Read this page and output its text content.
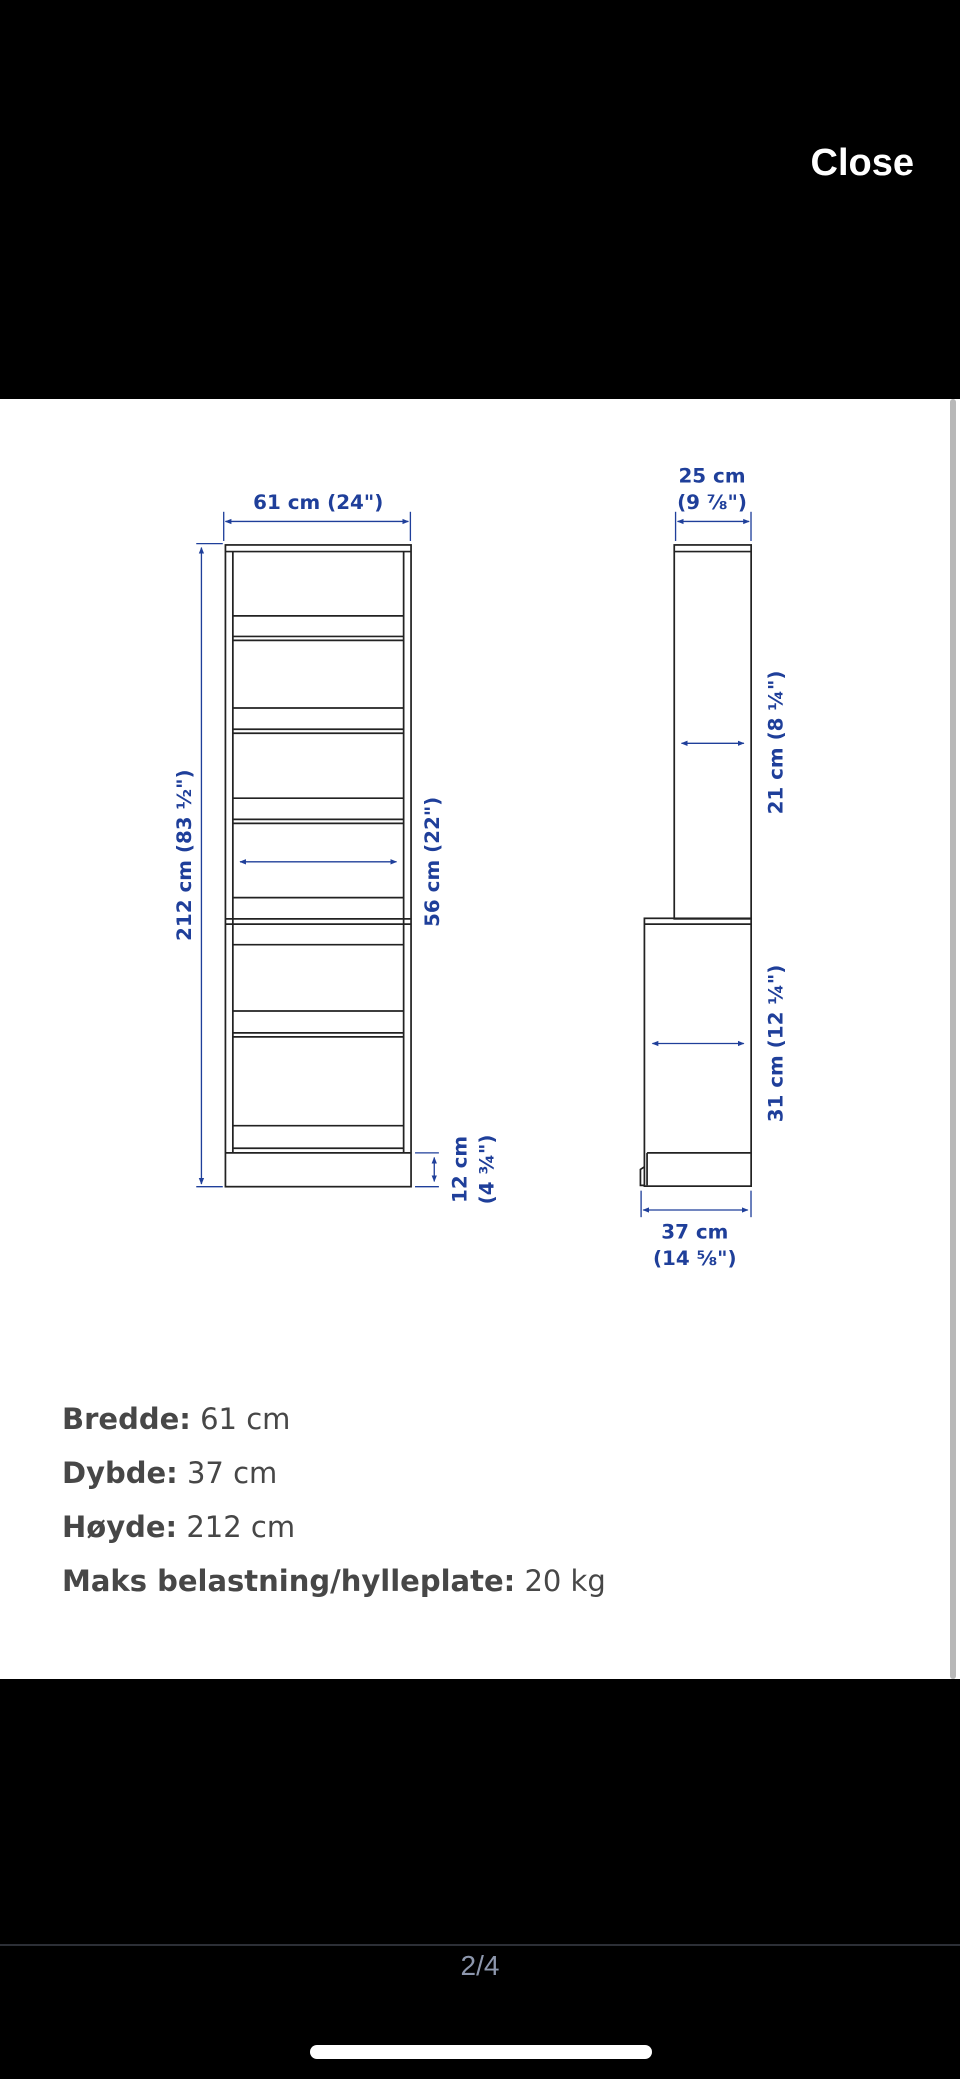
Close
61 cm (24")
212 cm (83 ½")	56 cm (22")
12 cm (4 ¾")
25 cm
(9 ⅞")
21 cm (8 ¼")
31 cm (12 ¼")
37 cm
(14 ⅝")
Bredde: 61 cm
Dybde: 37 cm
Høyde: 212 cm
Maks belastning/hylleplate: 20 kg
2/4
